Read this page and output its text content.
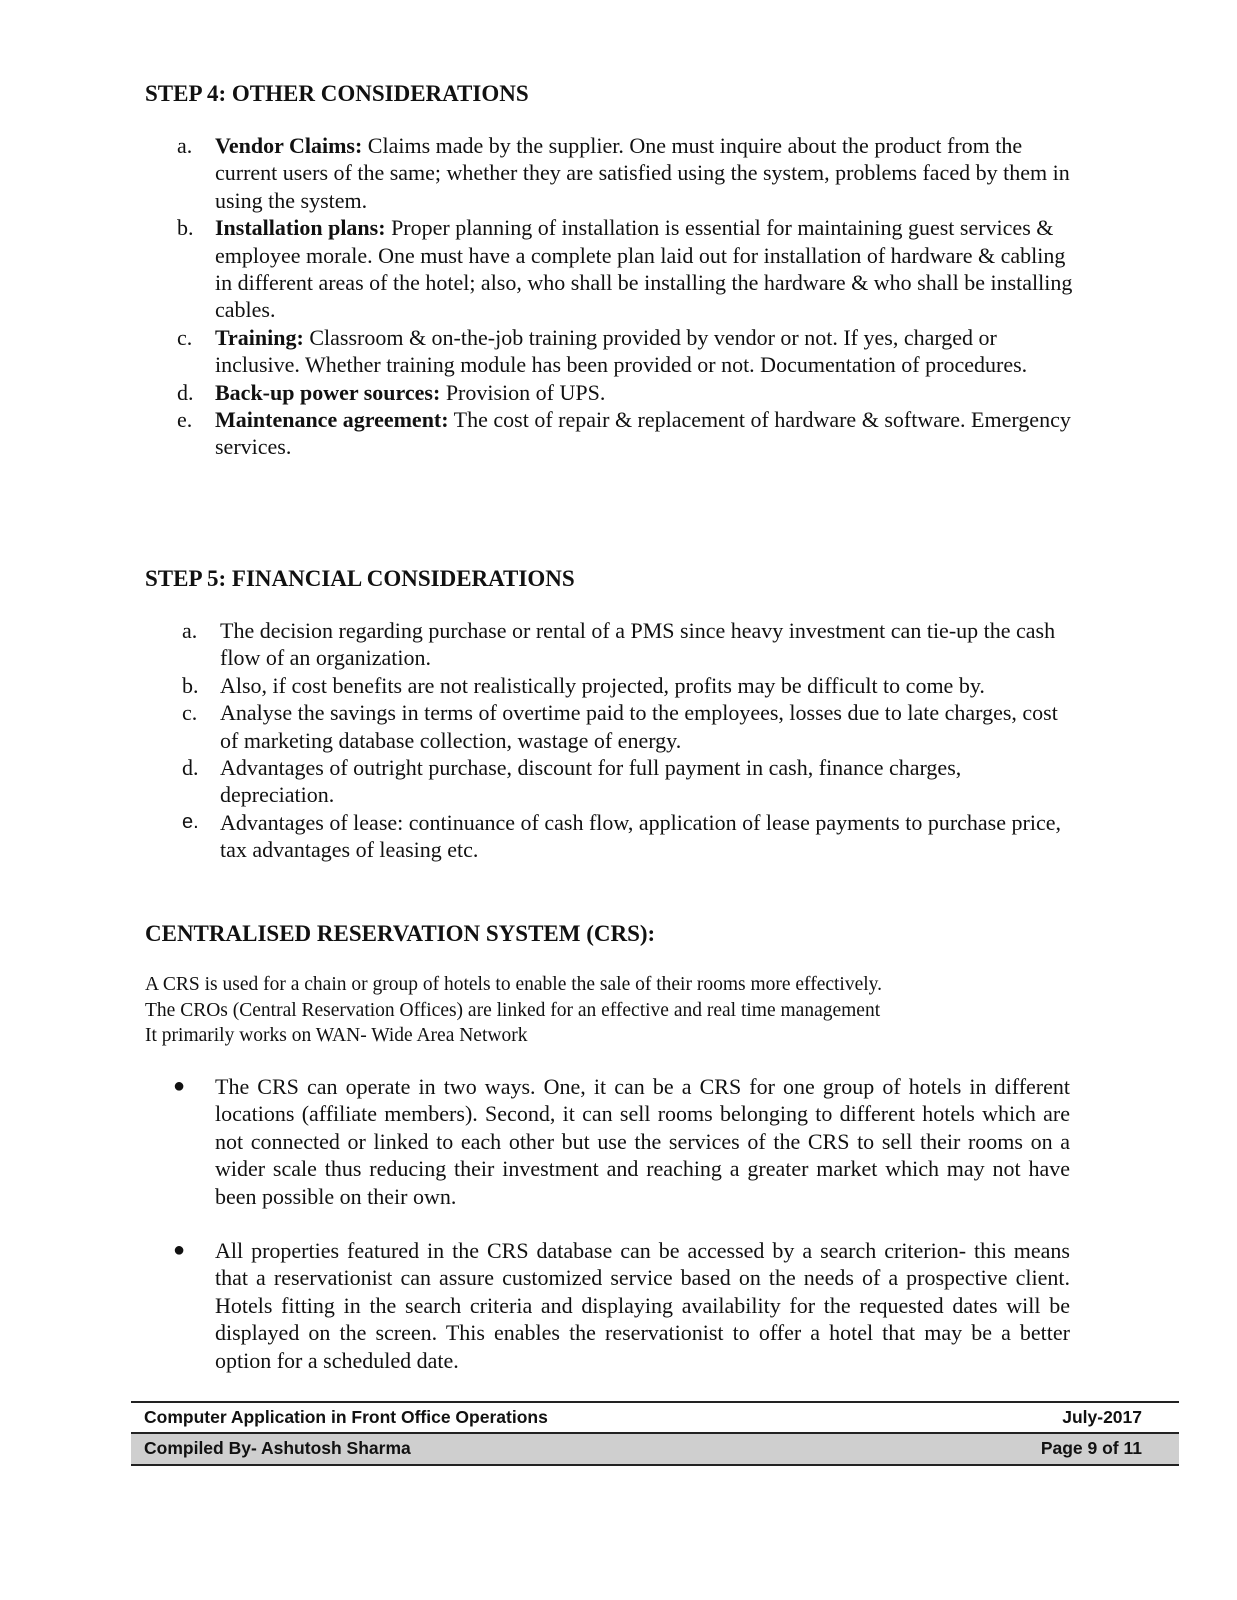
STEP 4: OTHER CONSIDERATIONS
a. Vendor Claims: Claims made by the supplier. One must inquire about the product from the current users of the same; whether they are satisfied using the system, problems faced by them in using the system.
b. Installation plans: Proper planning of installation is essential for maintaining guest services & employee morale. One must have a complete plan laid out for installation of hardware & cabling in different areas of the hotel; also, who shall be installing the hardware & who shall be installing cables.
c. Training: Classroom & on-the-job training provided by vendor or not. If yes, charged or inclusive. Whether training module has been provided or not. Documentation of procedures.
d. Back-up power sources: Provision of UPS.
e. Maintenance agreement: The cost of repair & replacement of hardware & software. Emergency services.
STEP 5: FINANCIAL CONSIDERATIONS
a. The decision regarding purchase or rental of a PMS since heavy investment can tie-up the cash flow of an organization.
b. Also, if cost benefits are not realistically projected, profits may be difficult to come by.
c. Analyse the savings in terms of overtime paid to the employees, losses due to late charges, cost of marketing database collection, wastage of energy.
d. Advantages of outright purchase, discount for full payment in cash, finance charges, depreciation.
e. Advantages of lease: continuance of cash flow, application of lease payments to purchase price, tax advantages of leasing etc.
CENTRALISED RESERVATION SYSTEM (CRS):

A CRS is used for a chain or group of hotels to enable the sale of their rooms more effectively.

The CROs (Central Reservation Offices) are linked for an effective and real time management

It primarily works on WAN- Wide Area Network

● The CRS can operate in two ways. One, it can be a CRS for one group of hotels in different locations (affiliate members). Second, it can sell rooms belonging to different hotels which are not connected or linked to each other but use the services of the CRS to sell their rooms on a wider scale thus reducing their investment and reaching a greater market which may not have been possible on their own.
● All properties featured in the CRS database can be accessed by a search criterion- this means that a reservationist can assure customized service based on the needs of a prospective client. Hotels fitting in the search criteria and displaying availability for the requested dates will be displayed on the screen. This enables the reservationist to offer a hotel that may be a better option for a scheduled date.
Computer Application in Front Office Operations	July-2017
Compiled By- Ashutosh Sharma	Page 9 of 11
